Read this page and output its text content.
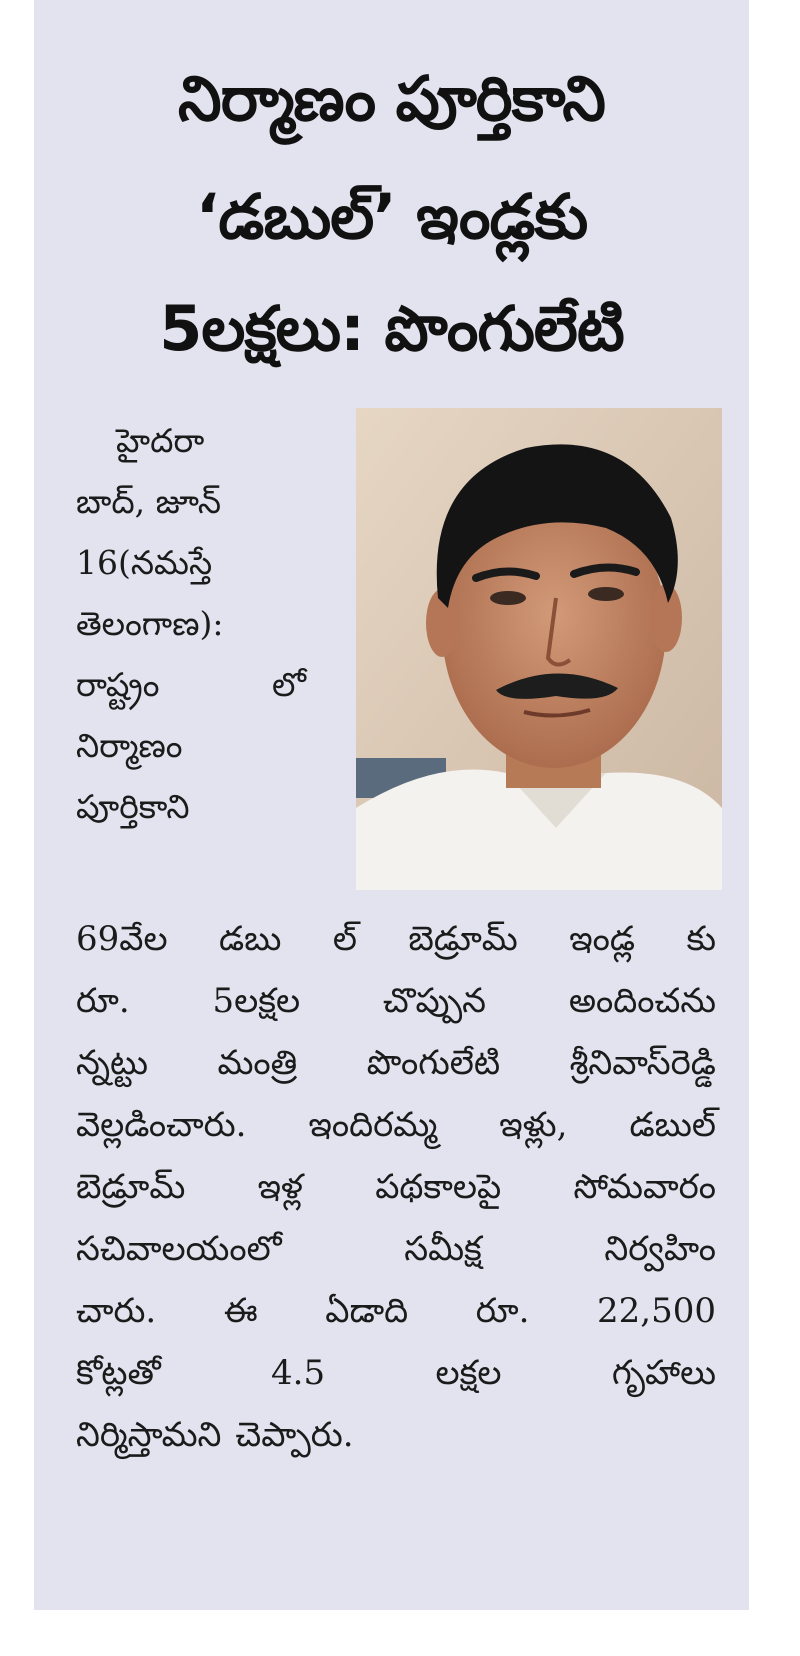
నిర్మాణం పూర్తికాని
‘డబుల్’ ఇండ్లకు
5లక్షలు: పొంగులేటి
హైదరా
బాద్, జూన్
16(నమస్తే
తెలంగాణ):
రాష్ట్రం	లో
నిర్మాణం
పూర్తికాని
69వేల డబు ల్ బెడ్రూమ్ ఇండ్ల కు
రూ. 5లక్షల చొప్పున అందించను
న్నట్టు మంత్రి పొంగులేటి శ్రీనివాస్‌రెడ్డి
వెల్లడించారు. ఇందిరమ్మ ఇళ్లు, డబుల్
బెడ్రూమ్ ఇళ్ల పథకాలపై సోమవారం
సచివాలయంలో	సమీక్ష	నిర్వహిం
చారు. ఈ ఏడాది రూ. 22,500
కోట్లతో	4.5	లక్షల	గృహాలు
నిర్మిస్తామని చెప్పారు.
